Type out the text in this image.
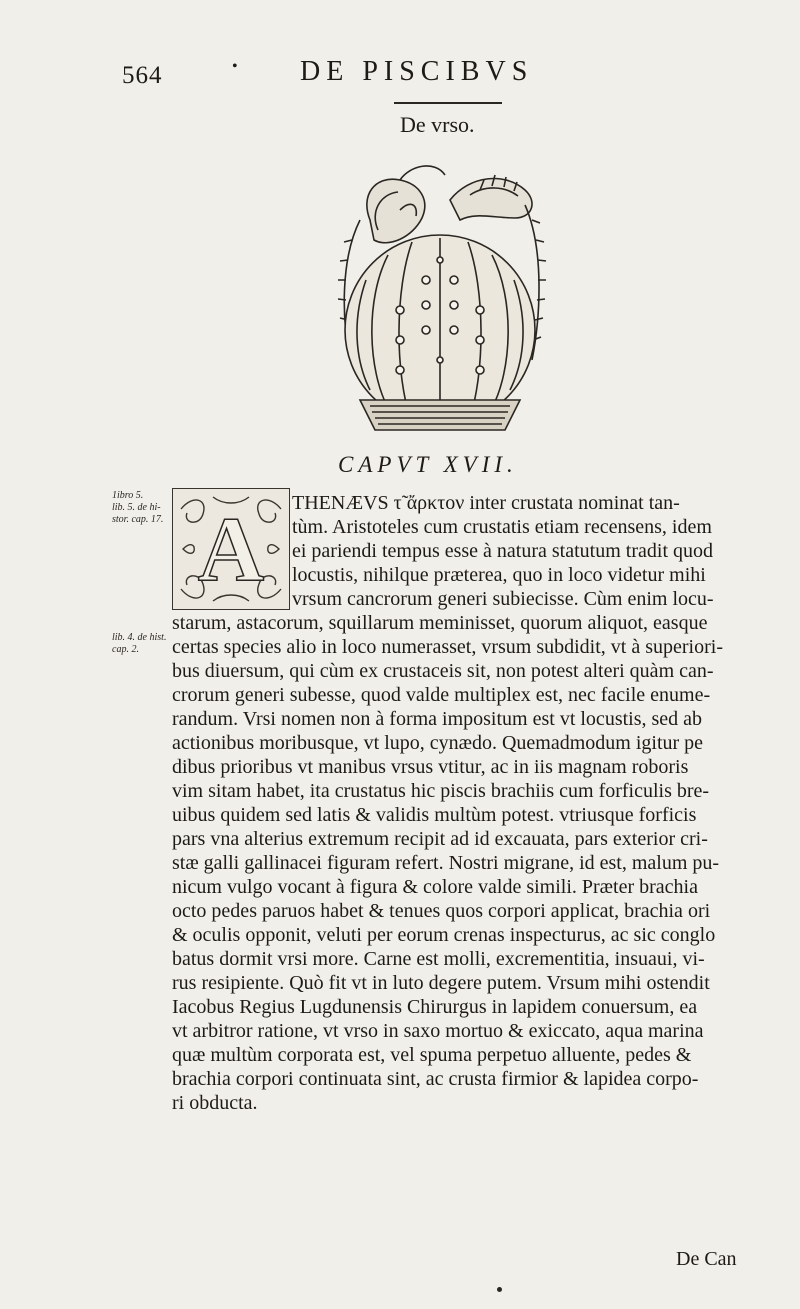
564	• DE PISCIBVS
De vrso.
CAPVT XVII.
1ibro 5.
lib. 5. de hi-
stor. cap. 17.
lib. 4. de hist.
cap. 2.
A	THENÆVS τ̃ ἄρκτον inter crustata nominat tan-
tùm. Aristoteles cum crustatis etiam recensens, idem
ei pariendi tempus esse à natura statutum tradit quod
locustis, nihilque præterea, quo in loco videtur mihi
vrsum cancrorum generi subiecisse. Cùm enim locu-
starum, astacorum, squillarum meminisset, quorum aliquot, easque
certas species alio in loco numerasset, vrsum subdidit, vt à superiori-
bus diuersum, qui cùm ex crustaceis sit, non potest alteri quàm can-
crorum generi subesse, quod valde multiplex est, nec facile enume-
randum. Vrsi nomen non à forma impositum est vt locustis, sed ab
actionibus moribusque, vt lupo, cynædo. Quemadmodum igitur pe
dibus prioribus vt manibus vrsus vtitur, ac in iis magnam roboris
vim sitam habet, ita crustatus hic piscis brachiis cum forficulis bre-
uibus quidem sed latis & validis multùm potest. vtriusque forficis
pars vna alterius extremum recipit ad id excauata, pars exterior cri-
stæ galli gallinacei figuram refert. Nostri migrane, id est, malum pu-
nicum vulgo vocant à figura & colore valde simili. Præter brachia
octo pedes paruos habet & tenues quos corpori applicat, brachia ori
& oculis opponit, veluti per eorum crenas inspecturus, ac sic conglo
batus dormit vrsi more. Carne est molli, excrementitia, insuaui, vi-
rus resipiente. Quò fit vt in luto degere putem. Vrsum mihi ostendit
Iacobus Regius Lugdunensis Chirurgus in lapidem conuersum, ea
vt arbitror ratione, vt vrso in saxo mortuo & exiccato, aqua marina
quæ multùm corporata est, vel spuma perpetuo alluente, pedes &
brachia corpori continuata sint, ac crusta firmior & lapidea corpo-
ri obducta.
De Can
